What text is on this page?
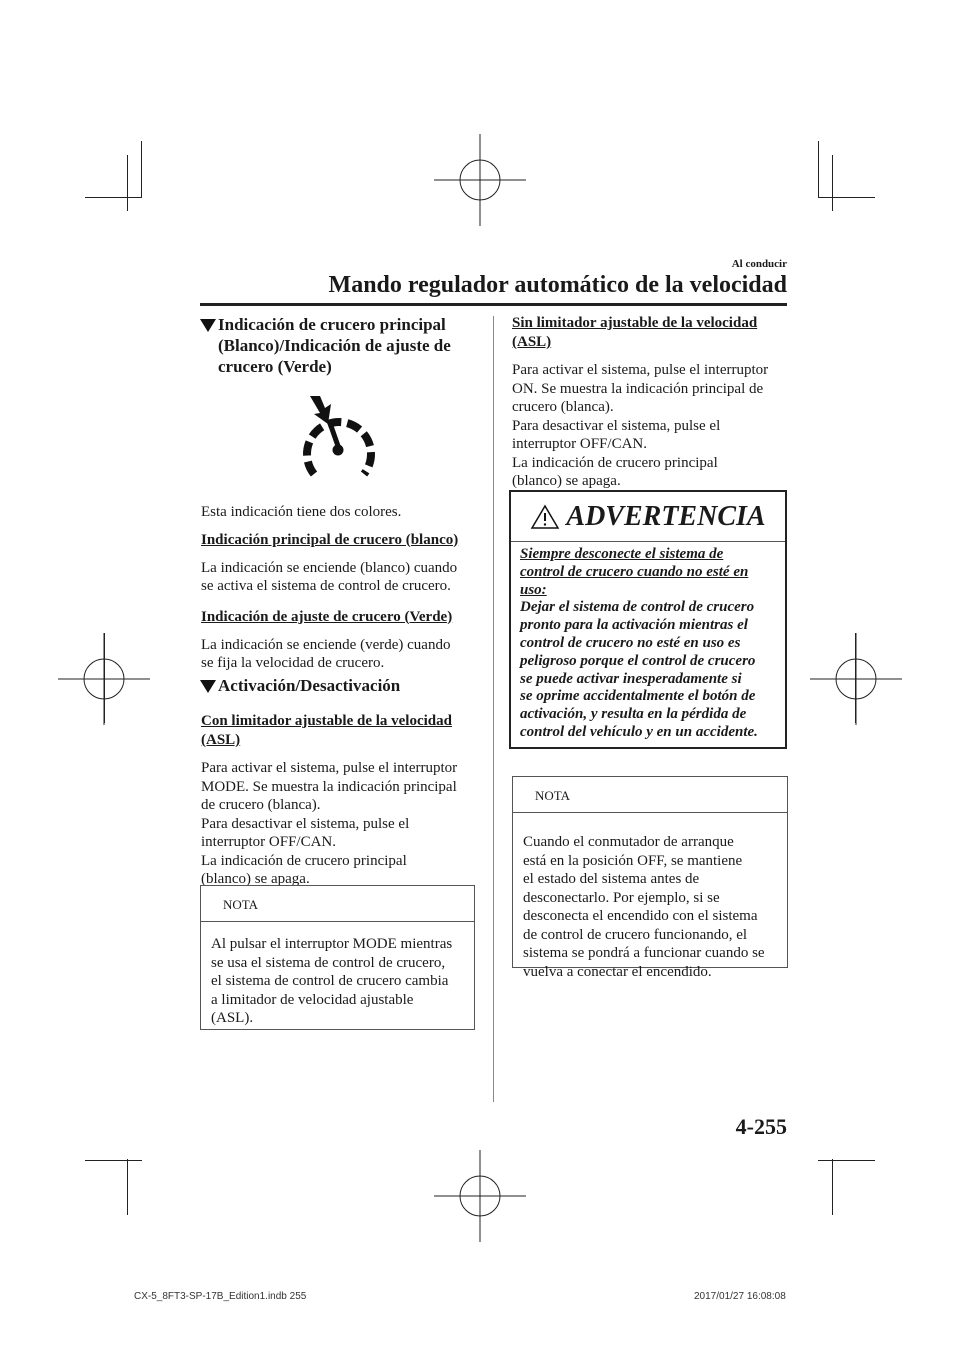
Al conducir
Mando regulador automático de la velocidad
Indicación de crucero principal
(Blanco)/Indicación de ajuste de
crucero (Verde)
Esta indicación tiene dos colores.
Indicación principal de crucero (blanco)
La indicación se enciende (blanco) cuando
se activa el sistema de control de crucero.
Indicación de ajuste de crucero (Verde)
La indicación se enciende (verde) cuando
se fija la velocidad de crucero.
Activación/Desactivación
Con limitador ajustable de la velocidad
(ASL)
Para activar el sistema, pulse el interruptor
MODE. Se muestra la indicación principal
de crucero (blanca).
Para desactivar el sistema, pulse el
interruptor OFF/CAN.
La indicación de crucero principal
(blanco) se apaga.
NOTA
Al pulsar el interruptor MODE mientras
se usa el sistema de control de crucero,
el sistema de control de crucero cambia
a limitador de velocidad ajustable
(ASL).
Sin limitador ajustable de la velocidad
(ASL)
Para activar el sistema, pulse el interruptor
ON. Se muestra la indicación principal de
crucero (blanca).
Para desactivar el sistema, pulse el
interruptor OFF/CAN.
La indicación de crucero principal
(blanco) se apaga.
ADVERTENCIA
Siempre desconecte el sistema de
control de crucero cuando no esté en
uso:
Dejar el sistema de control de crucero
pronto para la activación mientras el
control de crucero no esté en uso es
peligroso porque el control de crucero
se puede activar inesperadamente si
se oprime accidentalmente el botón de
activación, y resulta en la pérdida de
control del vehículo y en un accidente.
NOTA
Cuando el conmutador de arranque
está en la posición OFF, se mantiene
el estado del sistema antes de
desconectarlo. Por ejemplo, si se
desconecta el encendido con el sistema
de control de crucero funcionando, el
sistema se pondrá a funcionar cuando se
vuelva a conectar el encendido.
4-255
CX-5_8FT3-SP-17B_Edition1.indb 255	2017/01/27 16:08:08
